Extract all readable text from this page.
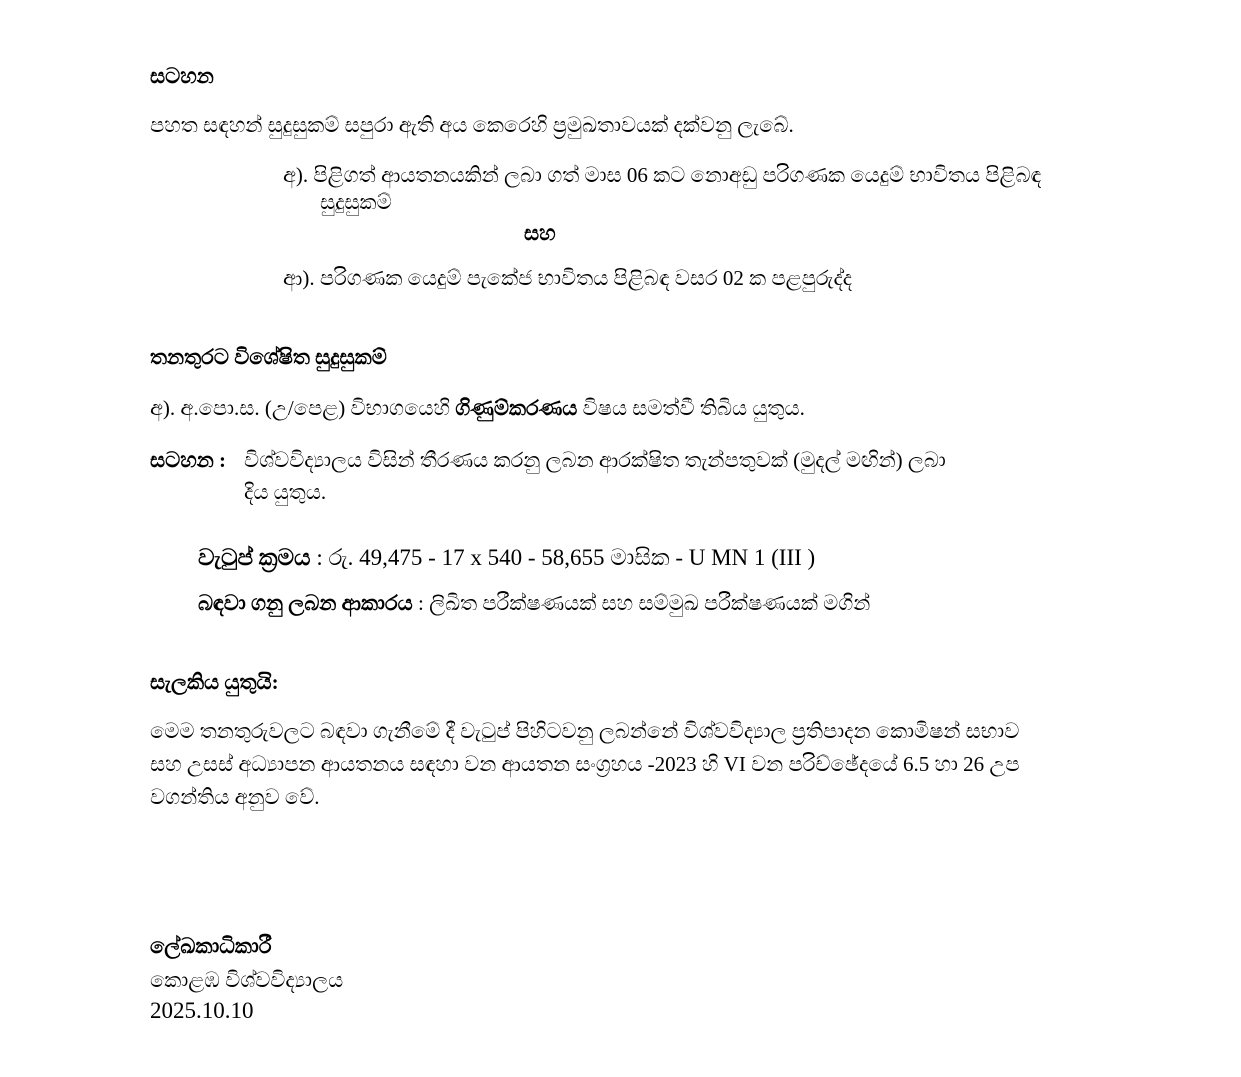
සටහන

පහත සඳහන් සුදුසුකම් සපුරා ඇති අය කෙරෙහි ප්‍රමුඛතාවයක් දක්වනු ලැබේ.

අ). පිළිගත් ආයතනයකින් ලබා ගත් මාස 06 කට නොඅඩු පරිගණක යෙදුම් භාවිතය පිළිබඳ

සුදුසුකම්

සහ

ආ). පරිගණක යෙදුම් පැකේජ භාවිතය පිළිබඳ වසර 02 ක පළපුරුද්ද

තනතුරට විශේෂිත සුදුසුකම්

අ). අ.පො.ස. (උ/පෙළ) විභාගයෙහි ගිණුම්කරණය විෂය සමත්වී තිබිය යුතුය.

සටහන : විශ්වවිද්‍යාලය විසින් තීරණය කරනු ලබන ආරක්ෂිත තැන්පතුවක් (මුදල් මඟින්) ලබා

දිය යුතුය.

වැටුප් ක්‍රමය : රු. 49,475 - 17 x 540 - 58,655 මාසික - U MN 1 (III )

බඳවා ගනු ලබන ආකාරය : ලිඛිත පරීක්ෂණයක් සහ සම්මුඛ පරීක්ෂණයක් මගින්

සැලකිය යුතුයි:

මෙම තනතුරුවලට බඳවා ගැනීමේ දී වැටුප් පිහිටවනු ලබන්නේ විශ්වවිද්‍යාල ප්‍රතිපාදන කොමිෂන් සභාව

සහ උසස් අධ්‍යාපන ආයතනය සඳහා වන ආයතන සංග්‍රහය -2023 හි VI වන පරිච්ඡේදයේ 6.5 හා 26 උප

වගන්තිය අනුව වේ.

ලේඛකාධිකාරී

කොළඹ විශ්වවිද්‍යාලය

2025.10.10
